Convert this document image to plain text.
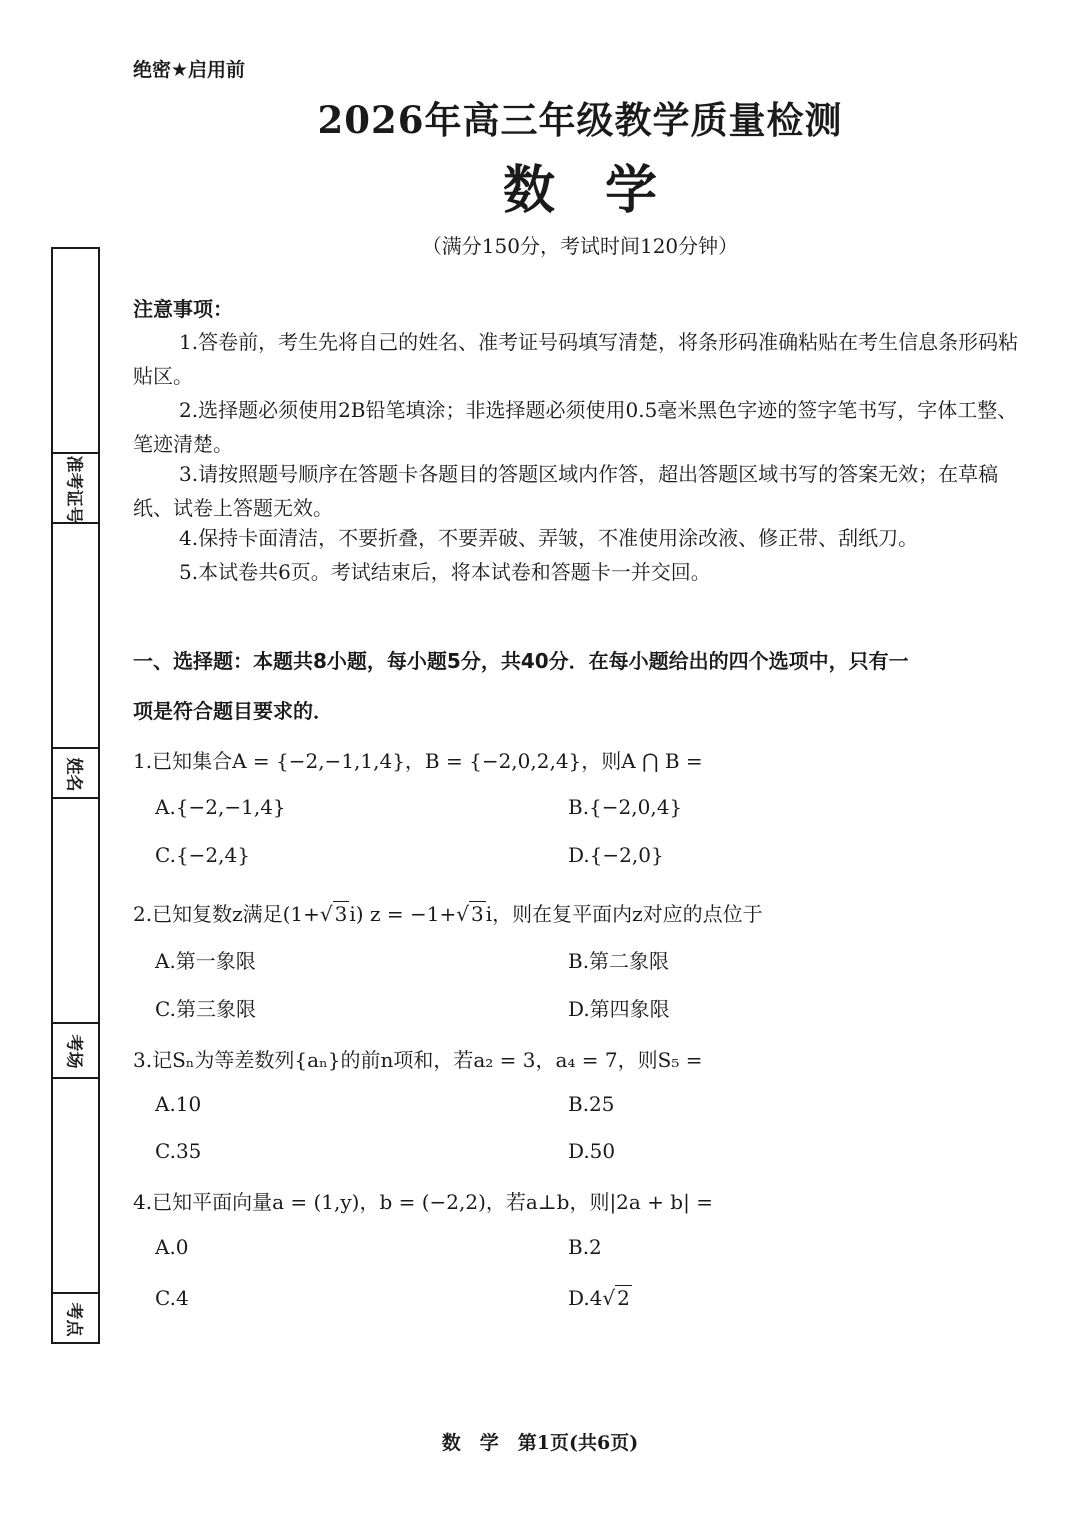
准考证号
姓名
考场
考点
绝密★启用前
2026年高三年级教学质量检测
数学
（满分150分，考试时间120分钟）
注意事项：
1.答卷前，考生先将自己的姓名、准考证号码填写清楚，将条形码准确粘贴在考生信息条形码粘贴区。
2.选择题必须使用2B铅笔填涂；非选择题必须使用0.5毫米黑色字迹的签字笔书写，字体工整、笔迹清楚。
3.请按照题号顺序在答题卡各题目的答题区域内作答，超出答题区域书写的答案无效；在草稿纸、试卷上答题无效。
4.保持卡面清洁，不要折叠，不要弄破、弄皱，不准使用涂改液、修正带、刮纸刀。
5.本试卷共6页。考试结束后，将本试卷和答题卡一并交回。
一、选择题：本题共8小题，每小题5分，共40分．在每小题给出的四个选项中，只有一
项是符合题目要求的．
1.已知集合A = {−2,−1,1,4}，B = {−2,0,2,4}，则A ⋂ B =
A.{−2,−1,4}	B.{−2,0,4}
C.{−2,4}	D.{−2,0}
2.已知复数z满足(1+√ 3 i) z = −1+√ 3 i，则在复平面内z对应的点位于
A.第一象限	B.第二象限
C.第三象限	D.第四象限
3.记Sₙ为等差数列{aₙ}的前n项和，若a₂ = 3，a₄ = 7，则S₅ =
A.10	B.25
C.35	D.50
4.已知平面向量a = (1,y)，b = (−2,2)，若a⊥b，则|2a + b| =
A.0	B.2
C.4	D.4√ 2
数　学　第1页(共6页)
